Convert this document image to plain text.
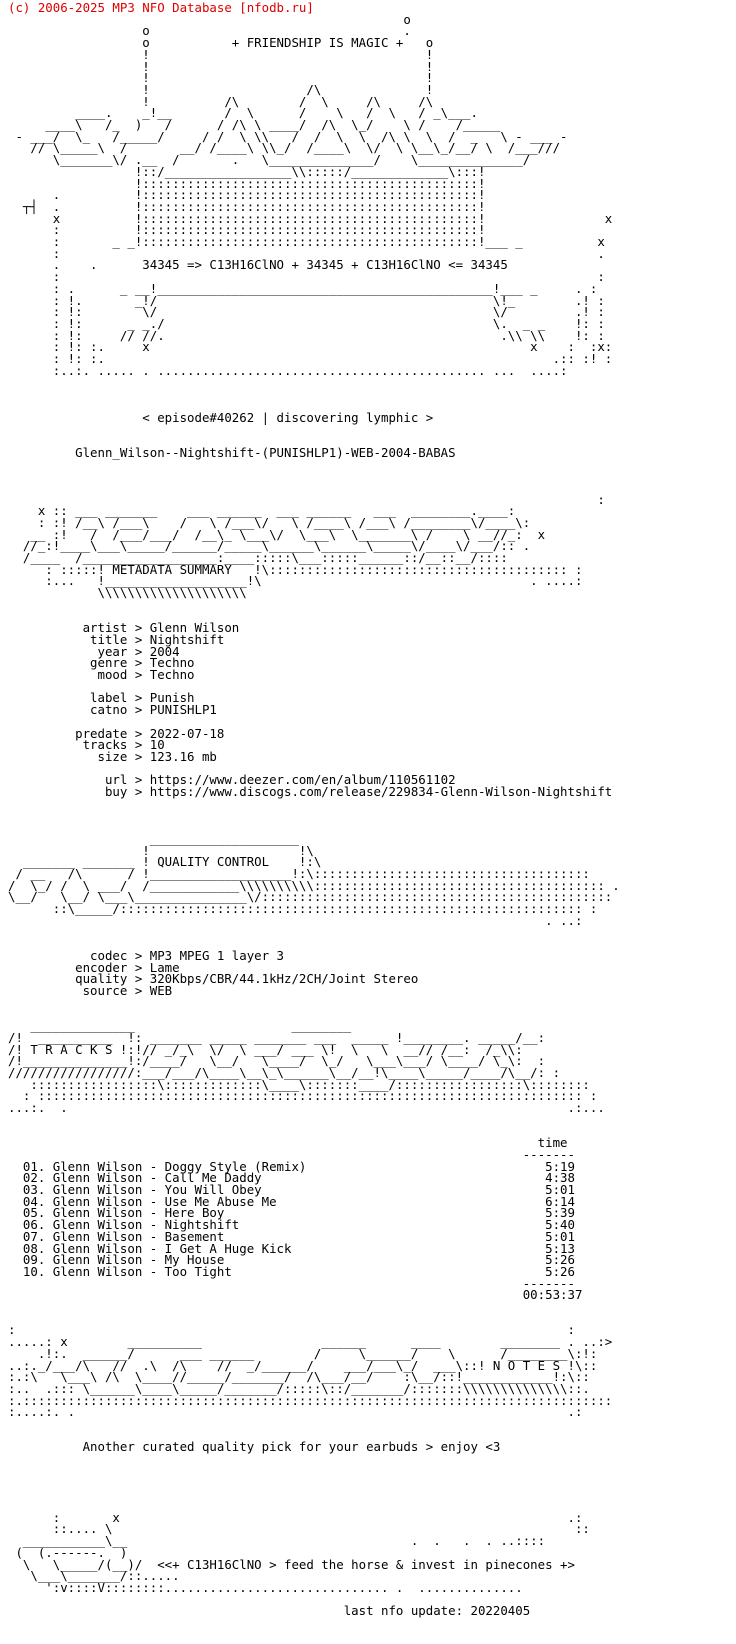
(c) 2006-2025 MP3 NFO Database [nfodb.ru]
o
o                                  .
o           + FRIENDSHIP IS MAGIC +   o
!                                     !
!                                     !
!                                     !
!                     /\              !
!          /\        /  \     /\     /\
____.    _!__       /  \      /    \   /  \   / _\___.
____\   /_  )   /      / /\ \ ____/  /\  \_/    \ /    /_____
- ___/  \_   /_____/     / /  \ \\   /  /  \  \  /\ \  \  /  _   \ - ___ -
// \_____\  /       __/ /____\ \\_/  /____\  \/  \ \__\_/__/ \  /___///
\_______\/ .__  /       .   \______________/    \______________/
!::/_________________\\:::::/_____________\:::!
!:::::::::::::::::::::::::::::::::::::::::::::!
.          !:::::::::::::::::::::::::::::::::::::::::::::!
┬┤  .          !:::::::::::::::::::::::::::::::::::::::::::::!
x          !:::::::::::::::::::::::::::::::::::::::::::::!                x
:          !:::::::::::::::::::::::::::::::::::::::::::::!
:       _ _!:::::::::::::::::::::::::::::::::::::::::::::!___ _          x
:                                                                        .
.    .      34345 => C13H16ClNO + 34345 + C13H16ClNO <= 34345
:                                                                        :
: .      _ __!_____________________________________________!___ _     . :
: !.       _!/                                             \!_        .! :
: !:        \/                                             \/         .! :
: !:      _ _./                                            \.  _ _    !: :
: !:     // //.                                             .\\ \\    !: :
: !: :.     x                                                   x    :  :x:
: !: :.                                                            .:: :! :
:..:. ..... . ............................................ ...  ....:

< episode#40262 | discovering lymphic >

Glenn_Wilson--Nightshift-(PUNISHLP1)-WEB-2004-BABAS

:
x :: ___ _______    ___ ______  ___ ______   ___  ________.____:
: :! /__\ /___\    /   \ /___\/   \ /____\ /___\ /________\/____\:
__ :!   /  /___/___/  /__\_ \___\/  \___\  \_______\ /    \ __//_:  x
//_:!____\___\_____/______/_____\______\______\_____\/____\/___/:: .
/____  /__________________:____:::::\___:::::______::/__::__/::::
: :::::! METADATA SUMMARY   !\:::::::::::::::::::::::::::::::::::::::: :
:...   !___________________!\                                    . ....:
\\\\\\\\\\\\\\\\\\\\

artist > Glenn Wilson
title > Nightshift
year > 2004
genre > Techno
mood > Techno

label > Punish
catno > PUNISHLP1

predate > 2022-07-18
tracks > 10
size > 123.16 mb

url > https://www.deezer.com/en/album/110561102
buy > https://www.discogs.com/release/229834-Glenn-Wilson-Nightshift

____________________
!                    !\
_______ _______ ! QUALITY CONTROL    !:\
/ __   /\      / !___________________!:\:::::::::::::::::::::::::::::::::::::
/  \_/ /  \ ___/  /____________\\\\\\\\\\::::::::::::::::::::::::::::::::::::::: .
\__/   \__/ \___\_______________\/:::::::::::::::::::::::::::::::::::::::::::::::
::\_____/:::::::::::::::::::::::::::::::::::::::::::::::::::::::::::::: :
. ..:

codec > MP3 MPEG 1 layer 3
encoder > Lame
quality > 320Kbps/CBR/44.1kHz/2CH/Joint Stereo
source > WEB

______________                     ________
/!  __________  !: _______ _____ _______ ___  _____ !________. _____/__:
/! T R A C K S !:!// _/_\  \/  \ ___/ ___ \!  \   \  __// /__:  /_\\:
/!______________!:/____/   \__/   \____/  \_/   \___\___/ \____/ \_\:  :
/////////////////:___/___/\____\__\_\______\__/__!\____\_____/____/\__/: :
:::::::::::::::::\:::::::::::::\____\:::::::____/:::::::::::::::::\::::::::
: ::::::::::::::::::::::::::::::::::::::::::::::::::::::::::::::::::::::::: :
...:.  .                                                                   .:...

time
-------
01. Glenn Wilson - Doggy Style (Remix)                                5:19
02. Glenn Wilson - Call Me Daddy                                      4:38
03. Glenn Wilson - You Will Obey                                      5:01
04. Glenn Wilson - Use Me Abuse Me                                    6:14
05. Glenn Wilson - Here Boy                                           5:39
06. Glenn Wilson - Nightshift                                         5:40
07. Glenn Wilson - Basement                                           5:01
08. Glenn Wilson - I Get A Huge Kick                                  5:13
09. Glenn Wilson - My House                                           5:26
10. Glenn Wilson - Too Tight                                          5:26
-------
00:53:37

:                                                                          :
.....: x        __________                ______      ____        ________ . ..:>
.!:.  ______/      ___ ______        /     \______/    \      /________\:!:
..:._/___/\   //  .\  /\    //  _/______/    ___/___\_/  ___\::! N O T E S !\::
:.:\   \___\ /\  \____//_____/_______/  /\___/__/    :\__/::!____________!:\::
:..  .::: \______\____\_____/_______/:::::\::/_______/:::::::\\\\\\\\\\\\\\::.
:.:::::::::::::::::::::::::::::::::::::::::::::::::::::::::::::::::::::::::::::::
:....:. .                                                                  .:

Another curated quality pick for your earbuds > enjoy <3

:       x                                                            .:
::.... \                                                              ::
___________\__                                      .  .   .  . ..::::
(  (.------.  )
\   \_____/(__)/  <<+ C13H16ClNO > feed the horse & invest in pinecones +>
\___\_______/::.....
':v::::V::::::::.............................. .  ..............

last nfo update: 20220405
